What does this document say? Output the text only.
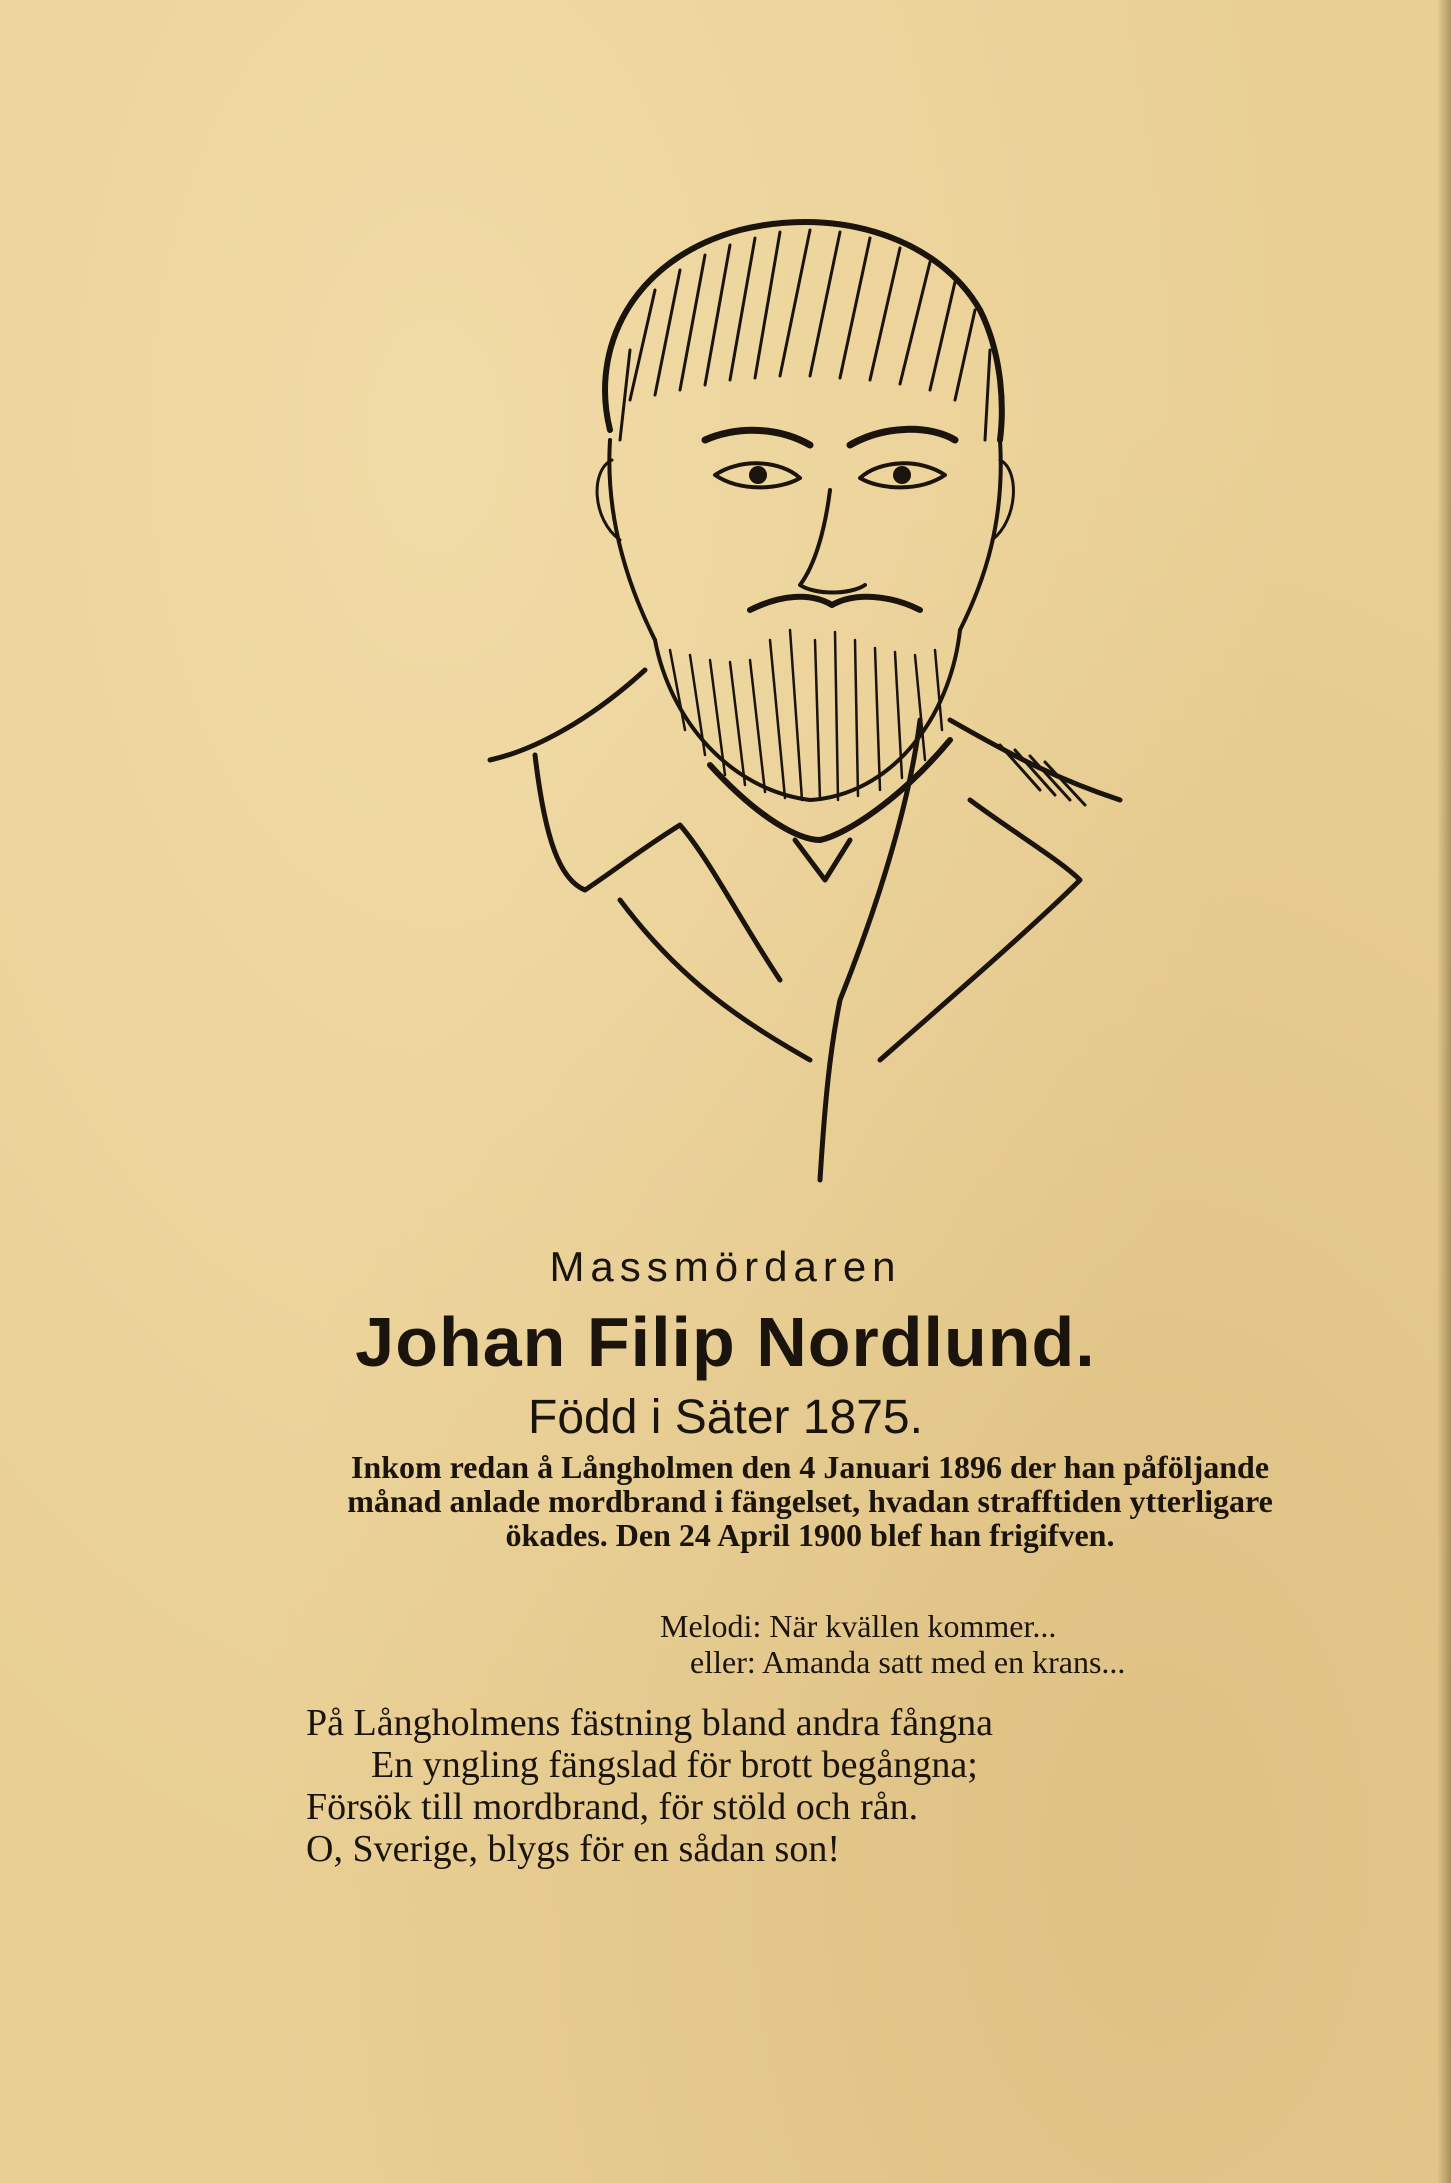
Massmördaren

Johan Filip Nordlund.

Född i Säter 1875.

Inkom redan å Långholmen den 4 Januari 1896 der han påföljande månad anlade mordbrand i fängelset, hvadan strafftiden ytterligare ökades. Den 24 April 1900 blef han frigifven.

Melodi: När kvällen kommer...
eller: Amanda satt med en krans...

På Långholmens fästning bland andra fångna
En yngling fängslad för brott begångna;
Försök till mordbrand, för stöld och rån.
O, Sverige, blygs för en sådan son!
